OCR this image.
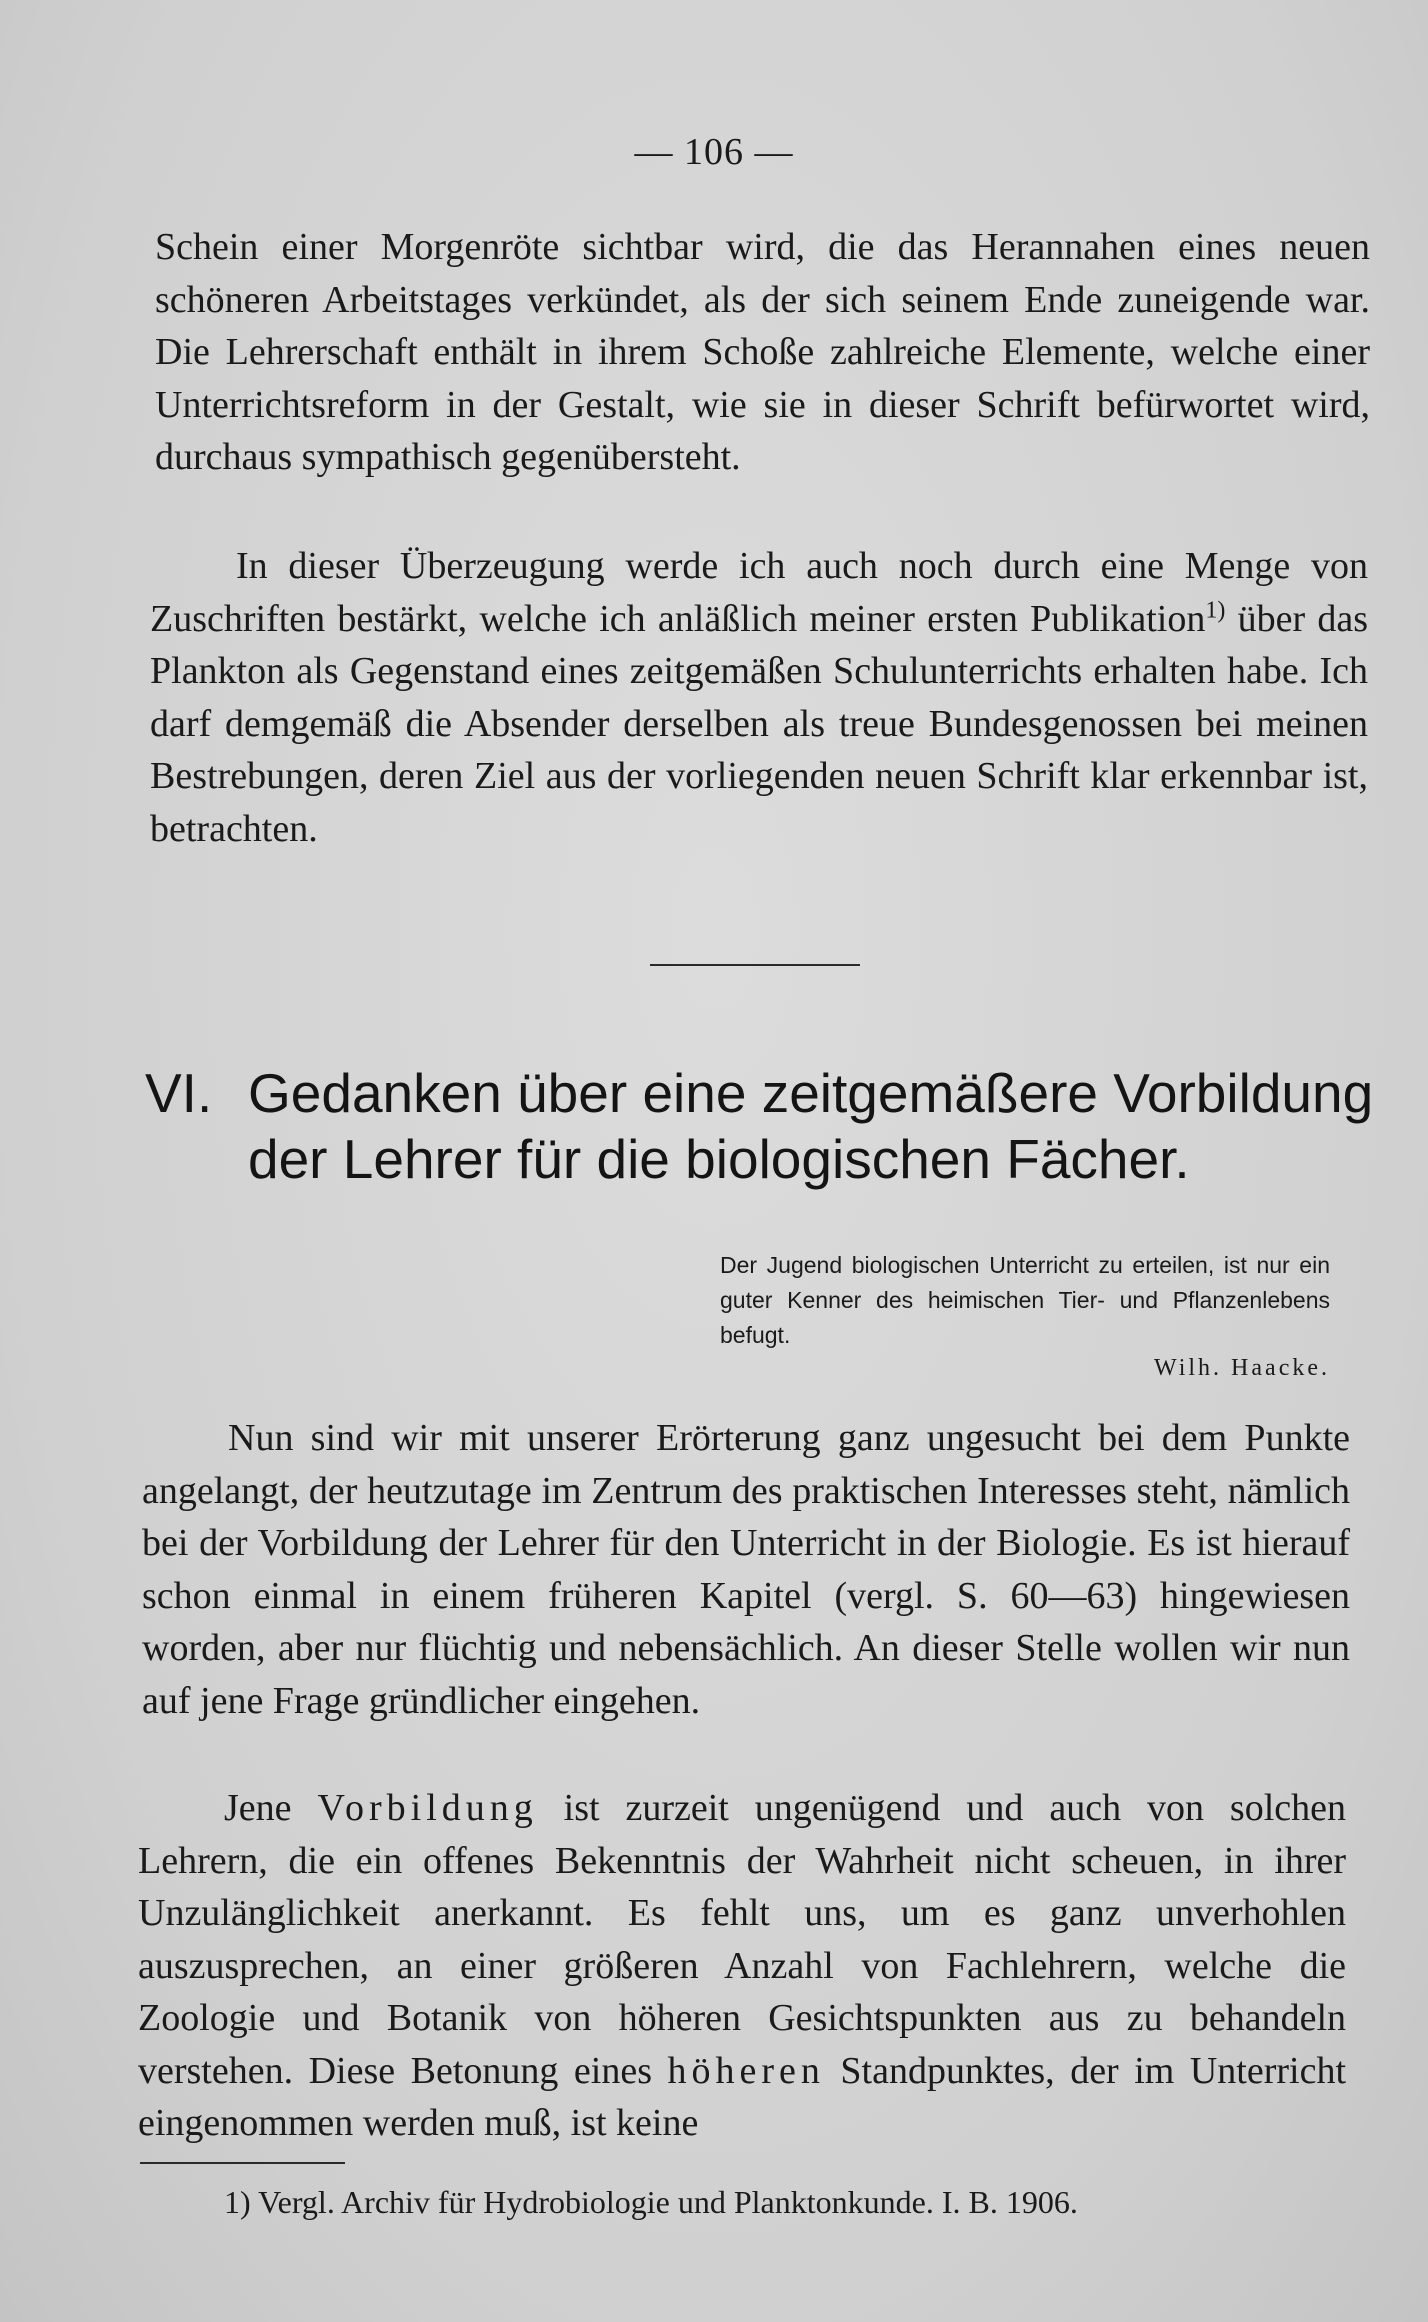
— 106 —

Schein einer Morgenröte sichtbar wird, die das Herannahen eines neuen schöneren Arbeitstages verkündet, als der sich seinem Ende zuneigende war. Die Lehrerschaft enthält in ihrem Schoße zahlreiche Elemente, welche einer Unterrichtsreform in der Gestalt, wie sie in dieser Schrift befürwortet wird, durchaus sympathisch gegenübersteht.

In dieser Überzeugung werde ich auch noch durch eine Menge von Zuschriften bestärkt, welche ich anläßlich meiner ersten Publikation$^{1)}$ über das Plankton als Gegenstand eines zeitgemäßen Schulunterrichts erhalten habe. Ich darf demgemäß die Absender derselben als treue Bundesgenossen bei meinen Bestrebungen, deren Ziel aus der vorliegenden neuen Schrift klar erkennbar ist, betrachten.

VI. Gedanken über eine zeitgemäßere Vorbildung der Lehrer für die biologischen Fächer.
Der Jugend biologischen Unterricht zu erteilen, ist nur ein guter Kenner des heimischen Tier- und Pflanzenlebens befugt.
Wilh. Haacke.

Nun sind wir mit unserer Erörterung ganz ungesucht bei dem Punkte angelangt, der heutzutage im Zentrum des praktischen Interesses steht, nämlich bei der Vorbildung der Lehrer für den Unterricht in der Biologie. Es ist hierauf schon einmal in einem früheren Kapitel (vergl. S. 60—63) hingewiesen worden, aber nur flüchtig und nebensächlich. An dieser Stelle wollen wir nun auf jene Frage gründlicher eingehen.

Jene Vorbildung ist zurzeit ungenügend und auch von solchen Lehrern, die ein offenes Bekenntnis der Wahrheit nicht scheuen, in ihrer Unzulänglichkeit anerkannt. Es fehlt uns, um es ganz unverhohlen auszusprechen, an einer größeren Anzahl von Fachlehrern, welche die Zoologie und Botanik von höheren Gesichtspunkten aus zu behandeln verstehen. Diese Betonung eines höheren Standpunktes, der im Unterricht eingenommen werden muß, ist keine

1) Vergl. Archiv für Hydrobiologie und Planktonkunde. I. B. 1906.
